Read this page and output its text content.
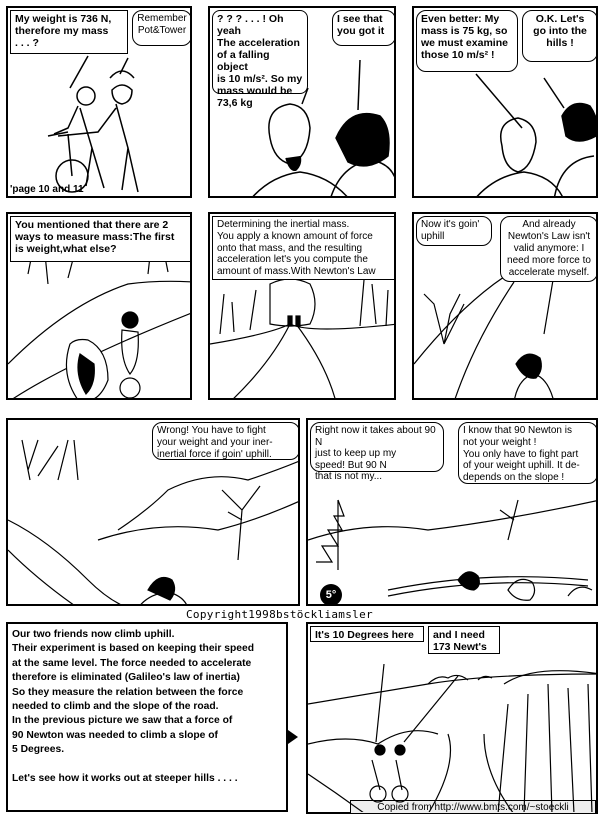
My weight is 736 N,
therefore my mass
. . . ?
Remember
Pot&Tower
'page 10 and 11
? ? ? . . . ! Oh yeah
The acceleration
of a falling object
is 10 m/s². So my
mass would be
73,6 kg
I see that
you got it
Even better: My
mass is 75 kg, so
we must examine
those 10 m/s² !
O.K. Let's
go into the
hills !
You mentioned that there are 2
ways to measure mass:The first
is weight,what else?
Determining the inertial mass.
You apply a known amount of force
onto that mass, and the resulting
acceleration let's you compute the
amount of mass.With Newton's Law
Now it's goin'
uphill
And already
Newton's Law isn't
valid anymore: I
need more force to
accelerate myself.
Wrong! You have to fight
your weight and your iner-
inertial force if goin' uphill.
Right now it takes about 90 N
just to keep up my
speed! But 90 N
that is not my...
I know that 90 Newton is
not your weight !
You only have to fight part
of your weight uphill. It de-
depends on the slope !
5°
Copyright1998bstöckliamsler
Our two friends now climb uphill.
Their experiment is based on keeping their speed
at the same level. The force needed to accelerate
therefore is eliminated (Galileo's law of inertia)
So they measure the relation between the force
needed to climb and the slope of the road.
In the previous picture we saw that a force of
90 Newton was needed to climb a slope of
5 Degrees.

Let's see how it works out at steeper hills . . . .
It's 10 Degrees here	and I need
173 Newt's
Copied from http://www.bmts.com/~stoeckli
